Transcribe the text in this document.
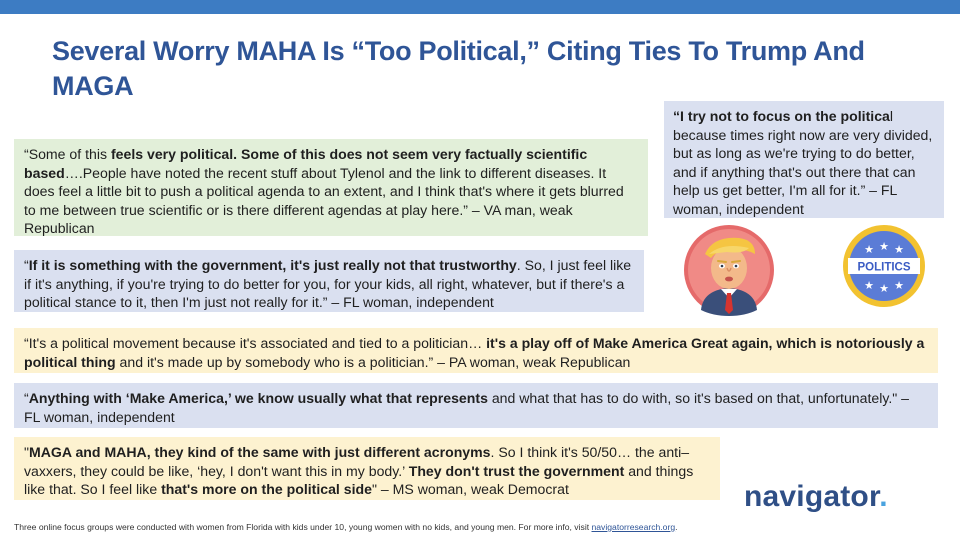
Several Worry MAHA Is “Too Political,” Citing Ties To Trump And MAGA
“Some of this feels very political. Some of this does not seem very factually scientific based….People have noted the recent stuff about Tylenol and the link to different diseases. It does feel a little bit to push a political agenda to an extent, and I think that's where it gets blurred to me between true scientific or is there different agendas at play here.” – VA man, weak Republican
“I try not to focus on the political because times right now are very divided, but as long as we're trying to do better, and if anything that's out there that can help us get better, I'm all for it.” – FL woman, independent
“If it is something with the government, it's just really not that trustworthy. So, I just feel like if it's anything, if you're trying to do better for you, for your kids, all right, whatever, but if there's a political stance to it, then I'm just not really for it.” – FL woman, independent
“It's a political movement because it's associated and tied to a politician… it's a play off of Make America Great again, which is notoriously a political thing and it's made up by somebody who is a politician.” – PA woman, weak Republican
“Anything with ‘Make America,’ we know usually what that represents and what that has to do with, so it's based on that, unfortunately." – FL woman, independent
"MAGA and MAHA, they kind of the same with just different acronyms. So I think it's 50/50… the anti–vaxxers, they could be like, ‘hey, I don't want this in my body.’ They don't trust the government and things like that. So I feel like that's more on the political side" – MS woman, weak Democrat
POLITICS
★ ★ ★
★ ★ ★
navigator.
Three online focus groups were conducted with women from Florida with kids under 10, young women with no kids, and young men. For more info, visit navigatorresearch.org.
